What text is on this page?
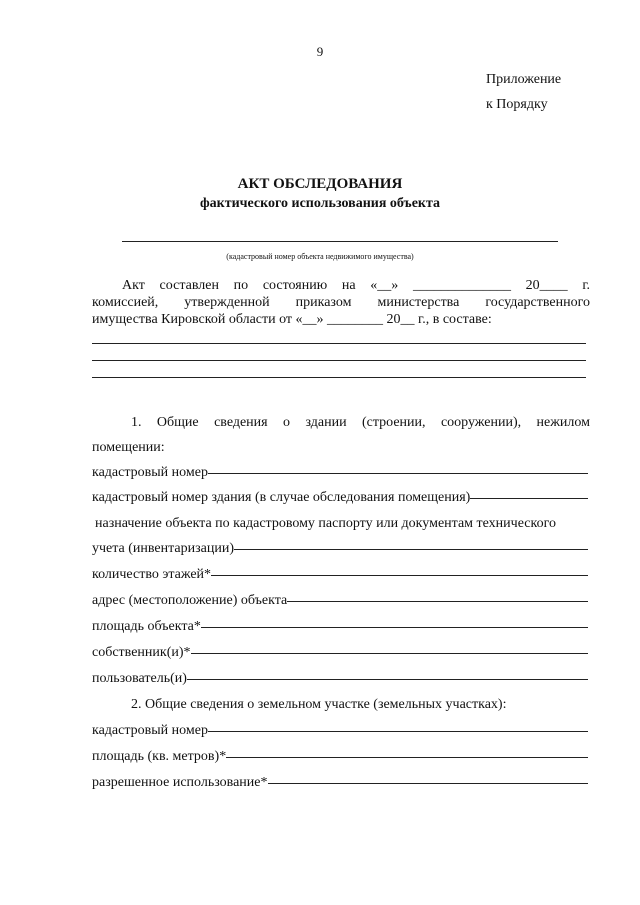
9
Приложение
к Порядку
АКТ ОБСЛЕДОВАНИЯ
фактического использования объекта
(кадастровый номер объекта недвижимого имущества)
Акт составлен по состоянию на «__» ______________ 20____ г.
комиссией, утвержденной приказом министерства государственного
имущества Кировской области от «__» ________ 20__ г., в составе:
1. Общие сведения о здании (строении, сооружении), нежилом
помещении:
кадастровый номер
кадастровый номер здания (в случае обследования помещения)
назначение объекта по кадастровому паспорту или документам технического
учета (инвентаризации)
количество этажей*
адрес (местоположение) объекта
площадь объекта*
собственник(и)*
пользователь(и)
2. Общие сведения о земельном участке (земельных участках):
кадастровый номер
площадь (кв. метров)*
разрешенное использование*
